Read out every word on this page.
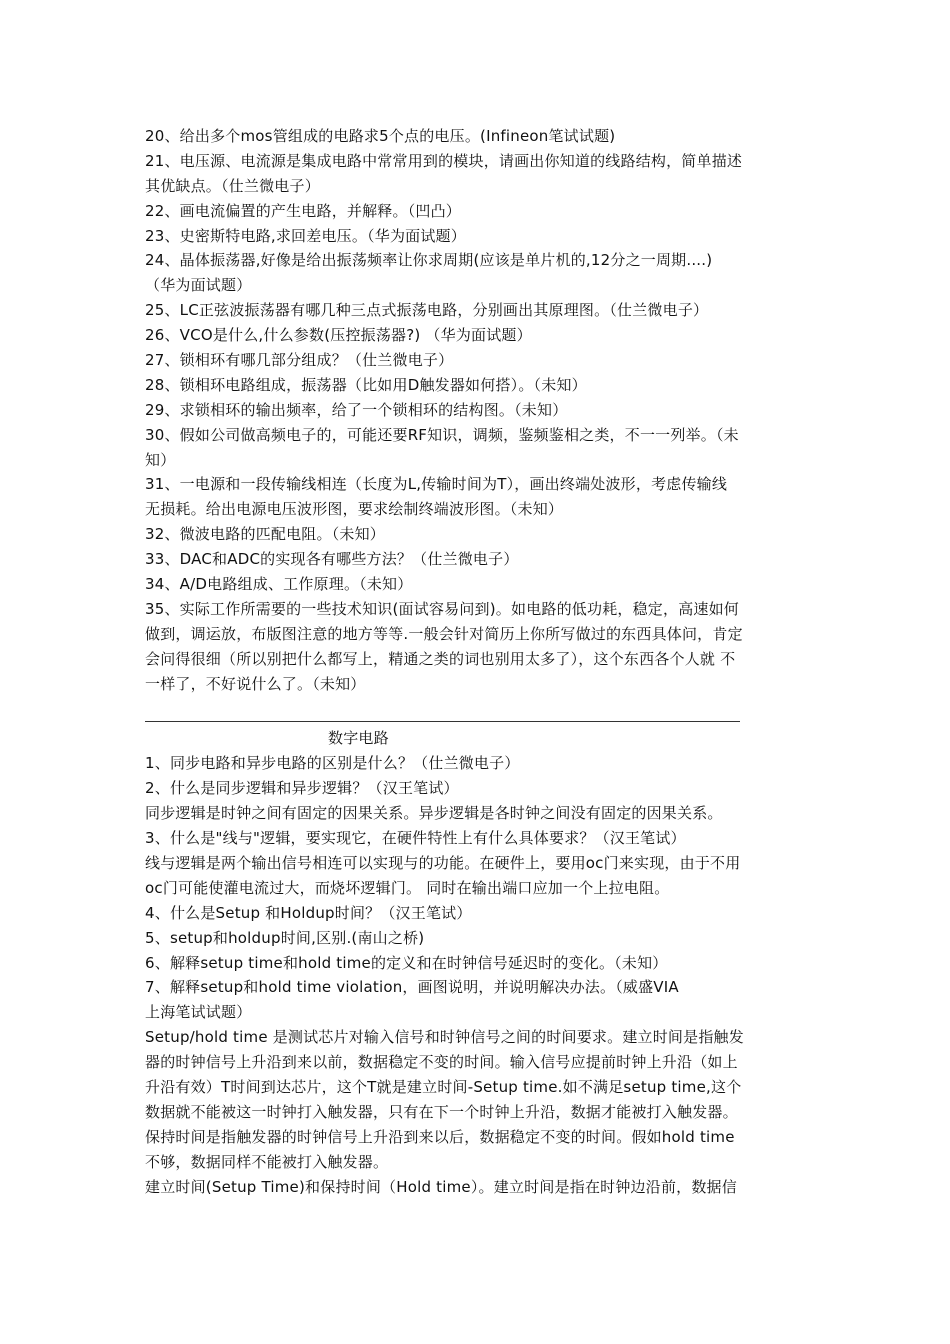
20、给出多个mos管组成的电路求5个点的电压。(Infineon笔试试题)
21、电压源、电流源是集成电路中常常用到的模块，请画出你知道的线路结构，简单描述
其优缺点。（仕兰微电子）
22、画电流偏置的产生电路，并解释。（凹凸）
23、史密斯特电路,求回差电压。（华为面试题）
24、晶体振荡器,好像是给出振荡频率让你求周期(应该是单片机的,12分之一周期....)
（华为面试题）
25、LC正弦波振荡器有哪几种三点式振荡电路，分别画出其原理图。（仕兰微电子）
26、VCO是什么,什么参数(压控振荡器?) （华为面试题）
27、锁相环有哪几部分组成？（仕兰微电子）
28、锁相环电路组成，振荡器（比如用D触发器如何搭）。（未知）
29、求锁相环的输出频率，给了一个锁相环的结构图。（未知）
30、假如公司做高频电子的，可能还要RF知识，调频，鉴频鉴相之类，不一一列举。（未
知）
31、一电源和一段传输线相连（长度为L,传输时间为T），画出终端处波形，考虑传输线
无损耗。给出电源电压波形图，要求绘制终端波形图。（未知）
32、微波电路的匹配电阻。（未知）
33、DAC和ADC的实现各有哪些方法？（仕兰微电子）
34、A/D电路组成、工作原理。（未知）
35、实际工作所需要的一些技术知识(面试容易问到)。如电路的低功耗，稳定，高速如何
做到，调运放，布版图注意的地方等等.一般会针对简历上你所写做过的东西具体问，肯定
会问得很细（所以别把什么都写上，精通之类的词也别用太多了），这个东西各个人就 不
一样了，不好说什么了。（未知）
数字电路
1、同步电路和异步电路的区别是什么？（仕兰微电子）
2、什么是同步逻辑和异步逻辑？（汉王笔试）
同步逻辑是时钟之间有固定的因果关系。异步逻辑是各时钟之间没有固定的因果关系。
3、什么是"线与"逻辑，要实现它，在硬件特性上有什么具体要求？（汉王笔试）
线与逻辑是两个输出信号相连可以实现与的功能。在硬件上，要用oc门来实现，由于不用
oc门可能使灌电流过大，而烧坏逻辑门。 同时在输出端口应加一个上拉电阻。
4、什么是Setup 和Holdup时间？（汉王笔试）
5、setup和holdup时间,区别.(南山之桥)
6、解释setup time和hold time的定义和在时钟信号延迟时的变化。（未知）
7、解释setup和hold time violation，画图说明，并说明解决办法。（威盛VIA
上海笔试试题）
Setup/hold time 是测试芯片对输入信号和时钟信号之间的时间要求。建立时间是指触发
器的时钟信号上升沿到来以前，数据稳定不变的时间。输入信号应提前时钟上升沿（如上
升沿有效）T时间到达芯片，这个T就是建立时间-Setup time.如不满足setup time,这个
数据就不能被这一时钟打入触发器，只有在下一个时钟上升沿，数据才能被打入触发器。
保持时间是指触发器的时钟信号上升沿到来以后，数据稳定不变的时间。假如hold time
不够，数据同样不能被打入触发器。
建立时间(Setup Time)和保持时间（Hold time）。建立时间是指在时钟边沿前，数据信
